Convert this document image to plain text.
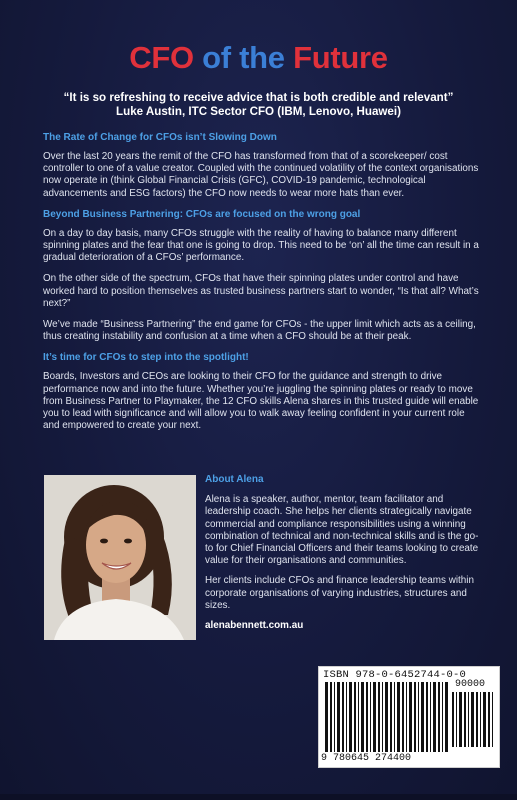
CFO of the Future
“It is so refreshing to receive advice that is both credible and relevant”
Luke Austin, ITC Sector CFO (IBM, Lenovo, Huawei)
The Rate of Change for CFOs isn’t Slowing Down

Over the last 20 years the remit of the CFO has transformed from that of a scorekeeper/ cost controller to one of a value creator. Coupled with the continued volatility of the context organisations now operate in (think Global Financial Crisis (GFC), COVID-19 pandemic, technological advancements and ESG factors) the CFO now needs to wear more hats than ever.

Beyond Business Partnering: CFOs are focused on the wrong goal

On a day to day basis, many CFOs struggle with the reality of having to balance many different spinning plates and the fear that one is going to drop. This need to be ‘on’ all the time can result in a gradual deterioration of a CFOs’ performance.

On the other side of the spectrum, CFOs that have their spinning plates under control and have worked hard to position themselves as trusted business partners start to wonder, “Is that all? What’s next?”

We’ve made “Business Partnering” the end game for CFOs - the upper limit which acts as a ceiling, thus creating instability and confusion at a time when a CFO should be at their peak.

It’s time for CFOs to step into the spotlight!

Boards, Investors and CEOs are looking to their CFO for the guidance and strength to drive performance now and into the future. Whether you’re juggling the spinning plates or ready to move from Business Partner to Playmaker, the 12 CFO skills Alena shares in this trusted guide will enable you to lead with significance and will allow you to walk away feeling confident in your current role and empowered to create your next.

About Alena

Alena is a speaker, author, mentor, team facilitator and leadership coach. She helps her clients strategically navigate commercial and compliance responsibilities using a winning combination of technical and non-technical skills and is the go-to for Chief Financial Officers and their teams looking to create value for their organisations and communities.

Her clients include CFOs and finance leadership teams within corporate organisations of varying industries, structures and sizes.

alenabennett.com.au
ISBN 978-0-6452744-0-0
90000
9 780645 274400
